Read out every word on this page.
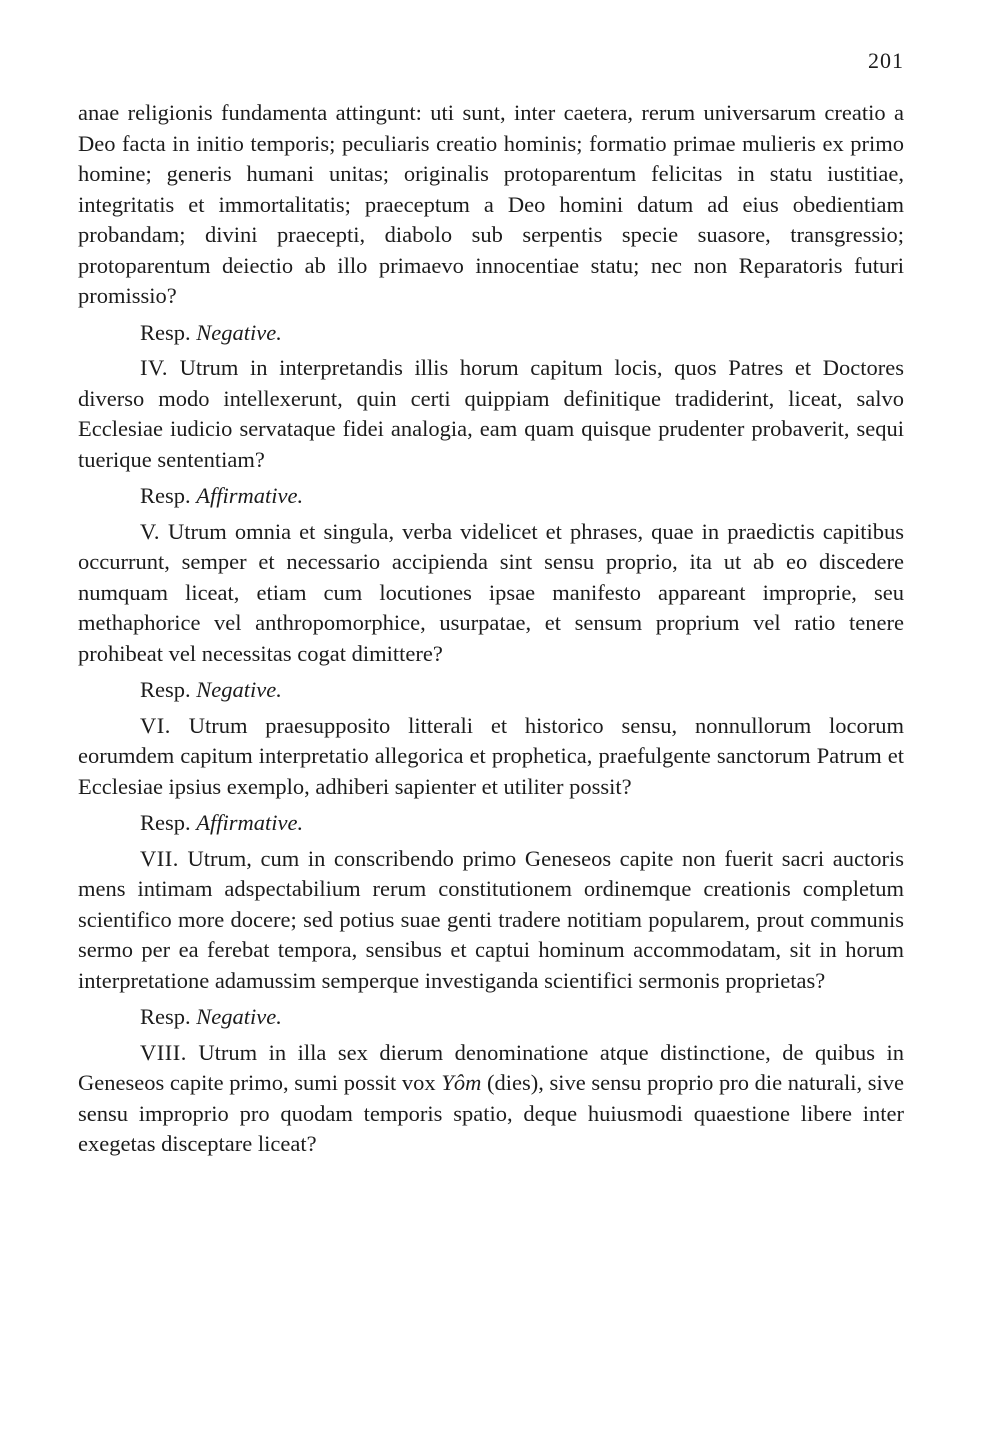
201

anae religionis fundamenta attingunt: uti sunt, inter caetera, rerum universarum creatio a Deo facta in initio temporis; peculiaris creatio hominis; formatio primae mulieris ex primo homine; generis humani unitas; originalis protoparentum felicitas in statu iustitiae, integritatis et immortalitatis; praeceptum a Deo homini datum ad eius obedientiam probandam; divini praecepti, diabolo sub serpentis specie suasore, transgressio; protoparentum deiectio ab illo primaevo innocentiae statu; nec non Reparatoris futuri promissio?

Resp. Negative.

IV. Utrum in interpretandis illis horum capitum locis, quos Patres et Doctores diverso modo intellexerunt, quin certi quippiam definitique tradiderint, liceat, salvo Ecclesiae iudicio servataque fidei analogia, eam quam quisque prudenter probaverit, sequi tuerique sententiam?

Resp. Affirmative.

V. Utrum omnia et singula, verba videlicet et phrases, quae in praedictis capitibus occurrunt, semper et necessario accipienda sint sensu proprio, ita ut ab eo discedere numquam liceat, etiam cum locutiones ipsae manifesto appareant improprie, seu methaphorice vel anthropomorphice, usurpatae, et sensum proprium vel ratio tenere prohibeat vel necessitas cogat dimittere?

Resp. Negative.

VI. Utrum praesupposito litterali et historico sensu, nonnullorum locorum eorumdem capitum interpretatio allegorica et prophetica, praefulgente sanctorum Patrum et Ecclesiae ipsius exemplo, adhiberi sapienter et utiliter possit?

Resp. Affirmative.

VII. Utrum, cum in conscribendo primo Geneseos capite non fuerit sacri auctoris mens intimam adspectabilium rerum constitutionem ordinemque creationis completum scientifico more docere; sed potius suae genti tradere notitiam popularem, prout communis sermo per ea ferebat tempora, sensibus et captui hominum accommodatam, sit in horum interpretatione adamussim semperque investiganda scientifici sermonis proprietas?

Resp. Negative.

VIII. Utrum in illa sex dierum denominatione atque distinctione, de quibus in Geneseos capite primo, sumi possit vox Yôm (dies), sive sensu proprio pro die naturali, sive sensu improprio pro quodam temporis spatio, deque huiusmodi quaestione libere inter exegetas disceptare liceat?
